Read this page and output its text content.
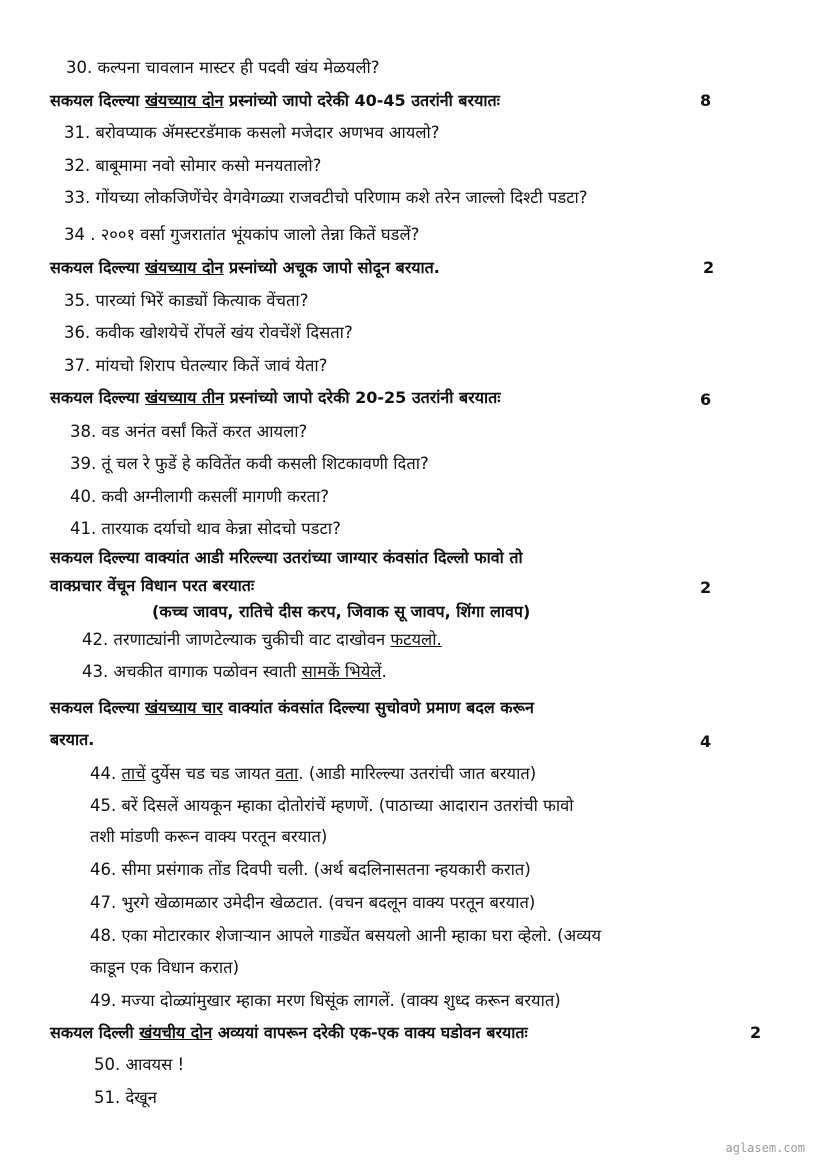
30. कल्पना चावलान मास्टर ही पदवी खंय मेळयली?
सकयल दिल्ल्या खंयच्याय दोन प्रस्नांच्यो जापो दरेकी 40-45 उतरांनी बरयातः	8
31. बरोवप्याक ॲमस्टरडॅमाक कसलो मजेदार अणभव आयलो?
32. बाबूमामा नवो सोमार कसो मनयतालो?
33. गोंयच्या लोकजिणेंचेर वेगवेगळ्या राजवटीचो परिणाम कशे तरेन जाल्लो दिश्टी पडटा?
34 . २००१ वर्सा गुजरातांत भूंयकांप जालो तेन्ना कितें घडलें?
सकयल दिल्ल्या खंयच्याय दोन प्रस्नांच्यो अचूक जापो सोदून बरयात.	2
35. पारव्यां भिरें काड्यों कित्याक वेंचता?
36. कवीक खोशयेचें रोंपलें खंय रोवचेंशें दिसता?
37. मांयचो शिराप घेतल्यार कितें जावं येता?
सकयल दिल्ल्या खंयच्याय तीन प्रस्नांच्यो जापो दरेकी 20-25 उतरांनी बरयातः	6
38. वड अनंत वर्सां कितें करत आयला?
39. तूं चल रे फुडें हे कवितेंत कवी कसली शिटकावणी दिता?
40. कवी अग्नीलागी कसलीं मागणी करता?
41. तारयाक दर्याचो थाव केन्ना सोदचो पडटा?
सकयल दिल्ल्या वाक्यांत आडी मरिल्ल्या उतरांच्या जाग्यार कंवसांत दिल्लो फावो तो
वाक्प्रचार वेंचून विधान परत बरयातः	2
(कच्च जावप, रातिचे दीस करप, जिवाक सू जावप, शिंगा लावप)
42. तरणाट्यांनी जाणटेल्याक चुकीची वाट दाखोवन फटयलो.
43. अचकीत वागाक पळोवन स्वाती सामकें भियेलें.
सकयल दिल्ल्या खंयच्याय चार वाक्यांत कंवसांत दिल्ल्या सुचोवणे प्रमाण बदल करून
बरयात.	4
44. ताचें दुर्येस चड चड जायत वता. (आडी मारिल्ल्या उतरांची जात बरयात)
45. बरें दिसलें आयकून म्हाका दोतोरांचें म्हणणें. (पाठाच्या आदारान उतरांची फावो
तशी मांडणी करून वाक्य परतून बरयात)
46. सीमा प्रसंगाक तोंड दिवपी चली. (अर्थ बदलिनासतना न्हयकारी करात)
47. भुरगे खेळामळार उमेदीन खेळटात. (वचन बदलून वाक्य परतून बरयात)
48. एका मोटारकार शेजाऱ्यान आपले गाड्येंत बसयलो आनी म्हाका घरा व्हेलो. (अव्यय
काडून एक विधान करात)
49. मज्या दोळ्यांमुखार म्हाका मरण धिसूंक लागलें. (वाक्य शुध्द करून बरयात)
सकयल दिल्ली खंयचीय दोन अव्ययां वापरून दरेकी एक-एक वाक्य घडोवन बरयातः	2
50. आवयस !
51. देखून
aglasem.com
